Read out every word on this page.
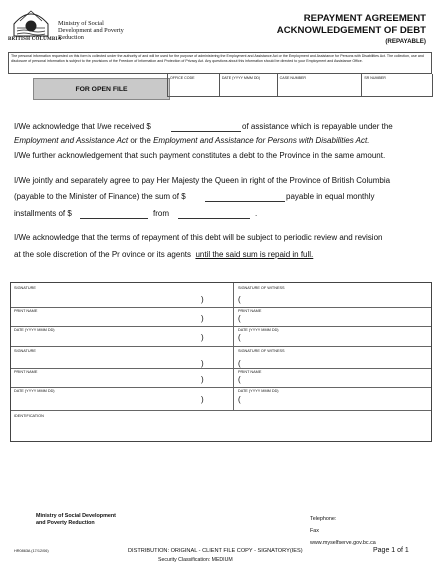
BRITISH COLUMBIA
Ministry of Social Development and Poverty Reduction
REPAYMENT AGREEMENT
ACKNOWLEDGEMENT OF DEBT
(REPAYABLE)
The personal information requested on this form is collected under the authority of and will be used for the purpose of administering the Employment and Assistance Act or the Employment and Assistance for Persons with Disabilities Act. The collection, use and disclosure of personal information is subject to the provisions of the Freedom of Information and Protection of Privacy Act. Any questions about this information should be directed to your Employment and Assistance Office.
FOR OPEN FILE
OFFICE CODE	DATE (YYYY MMM DD)	CASE NUMBER	SR NUMBER
I/We acknowledge that I/we received $	of assistance which is repayable under the
Employment and Assistance Act or the Employment and Assistance for Persons with Disabilities Act.
I/We further acknowledgement that such payment constitutes a debt to the Province in the same amount.
I/We jointly and separately agree to pay Her Majesty the Queen in right of the Province of British Columbia
(payable to the Minister of Finance) the sum of $	payable in equal monthly
installments of $	from	.
I/We acknowledge that the terms of repayment of this debt will be subject to periodic review and revision
at the sole discretion of the Pr ovince or its agents until the said sum is repaid in full.
SIGNATURE	SIGNATURE OF WITNESS
)	(
PRINT NAME	PRINT NAME
)	(
DATE (YYYY MMM DD)	DATE (YYYY MMM DD)
)	(
SIGNATURE	SIGNATURE OF WITNESS
)	(
PRINT NAME	PRINT NAME
)	(
DATE (YYYY MMM DD)	DATE (YYYY MMM DD)
)	(
IDENTIFICATION
Ministry of Social Development and Poverty Reduction
Telephone:
Fax
www.myselfserve.gov.bc.ca
HR0863A (17/12/06)	DISTRIBUTION: ORIGINAL - CLIENT FILE COPY - SIGNATORY(IES)
Security Classification: MEDIUM
Page 1 of 1
